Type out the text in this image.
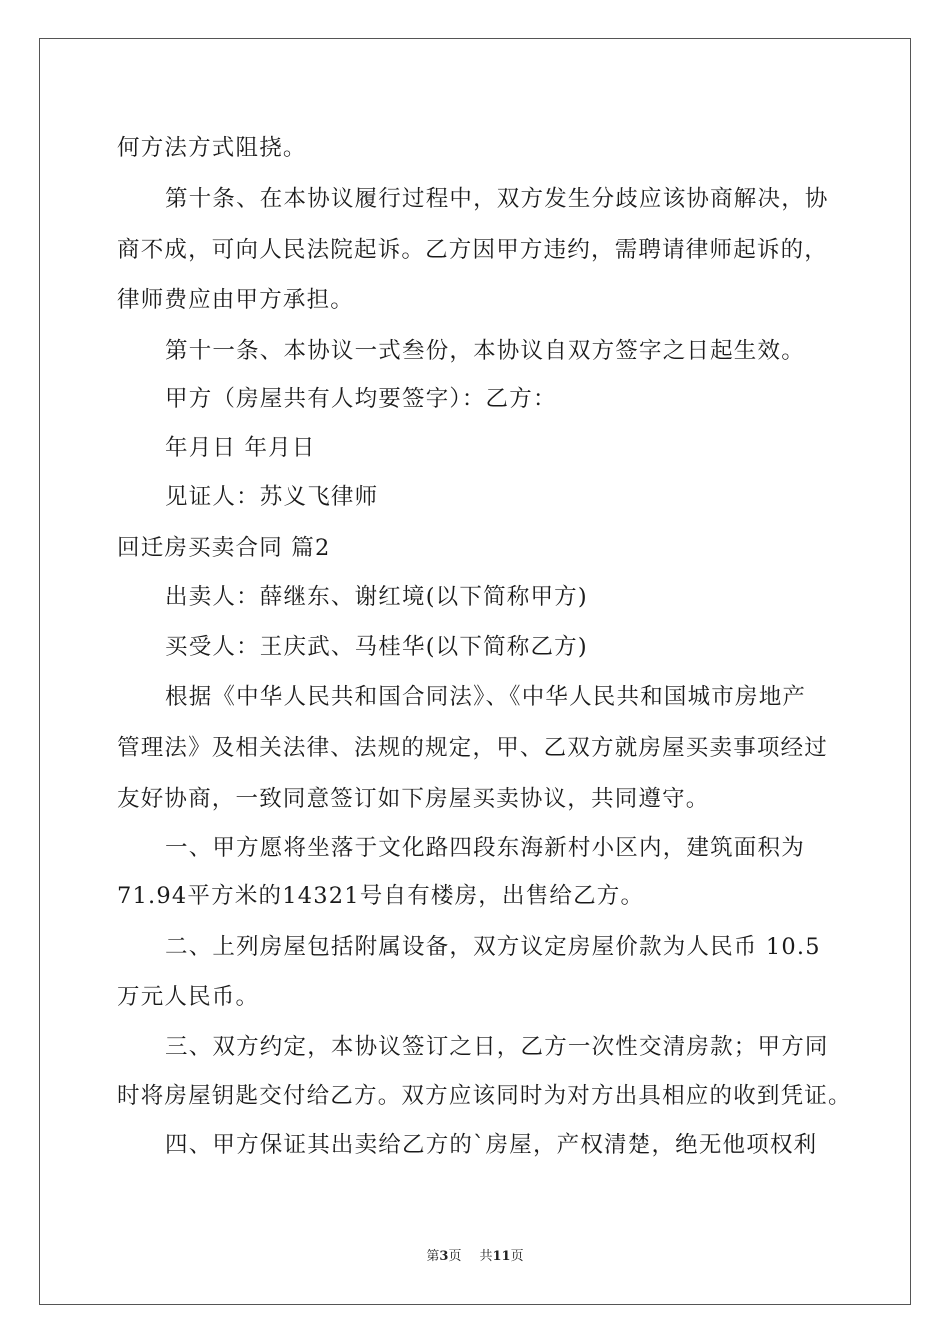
何方法方式阻挠。
第十条、在本协议履行过程中，双方发生分歧应该协商解决，协
商不成，可向人民法院起诉。乙方因甲方违约，需聘请律师起诉的，
律师费应由甲方承担。
第十一条、本协议一式叁份，本协议自双方签字之日起生效。
甲方（房屋共有人均要签字）：乙方：
年月日 年月日
见证人：苏义飞律师
回迁房买卖合同 篇2
出卖人：薛继东、谢红境(以下简称甲方)
买受人：王庆武、马桂华(以下简称乙方)
根据《中华人民共和国合同法》、《中华人民共和国城市房地产
管理法》及相关法律、法规的规定，甲、乙双方就房屋买卖事项经过
友好协商，一致同意签订如下房屋买卖协议，共同遵守。
一、甲方愿将坐落于文化路四段东海新村小区内，建筑面积为
71.94平方米的14321号自有楼房，出售给乙方。
二、上列房屋包括附属设备，双方议定房屋价款为人民币 10.5
万元人民币。
三、双方约定，本协议签订之日，乙方一次性交清房款；甲方同
时将房屋钥匙交付给乙方。双方应该同时为对方出具相应的收到凭证。
四、甲方保证其出卖给乙方的`房屋，产权清楚，绝无他项权利
第3页 共11页
